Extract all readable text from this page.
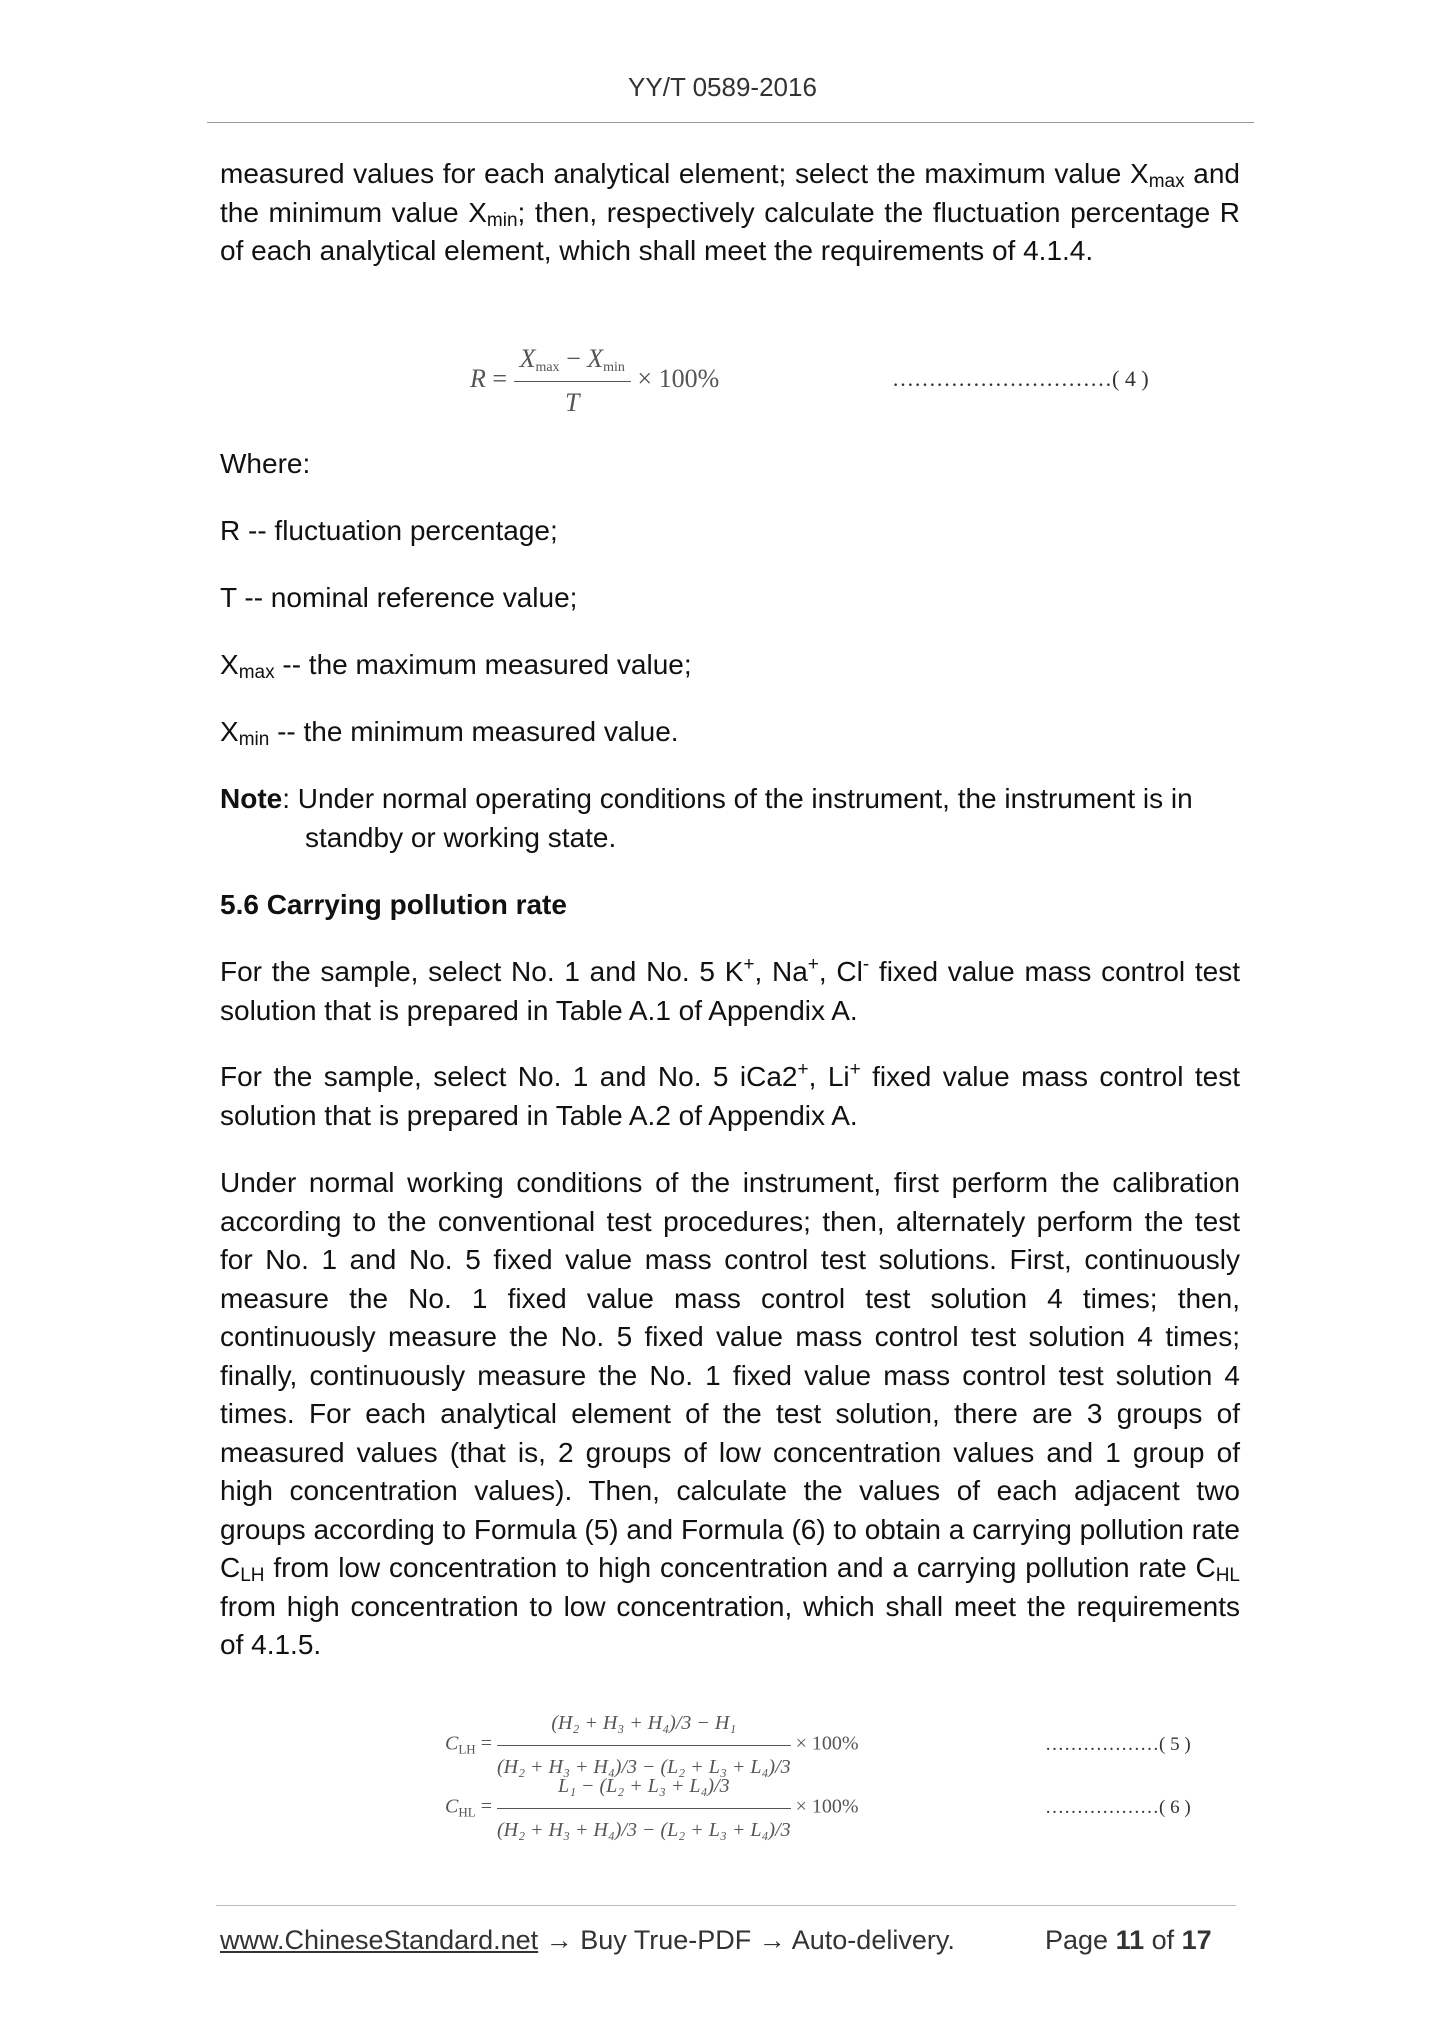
YY/T 0589-2016

measured values for each analytical element; select the maximum value $X_{max}$ and the minimum value $X_{min}$; then, respectively calculate the fluctuation percentage R of each analytical element, which shall meet the requirements of 4.1.4.

$R = \frac{X_{max} - X_{min}}{T} \times 100\%$	…………………………( 4 )

Where:

R -- fluctuation percentage;

T -- nominal reference value;

$X_{max}$ -- the maximum measured value;

$X_{min}$ -- the minimum measured value.

Note: Under normal operating conditions of the instrument, the instrument is in
standby or working state.

5.6 Carrying pollution rate

For the sample, select No. 1 and No. 5 K+, Na+, Cl- fixed value mass control test solution that is prepared in Table A.1 of Appendix A.

For the sample, select No. 1 and No. 5 iCa2+, Li+ fixed value mass control test solution that is prepared in Table A.2 of Appendix A.

Under normal working conditions of the instrument, first perform the calibration according to the conventional test procedures; then, alternately perform the test for No. 1 and No. 5 fixed value mass control test solutions. First, continuously measure the No. 1 fixed value mass control test solution 4 times; then, continuously measure the No. 5 fixed value mass control test solution 4 times; finally, continuously measure the No. 1 fixed value mass control test solution 4 times. For each analytical element of the test solution, there are 3 groups of measured values (that is, 2 groups of low concentration values and 1 group of high concentration values). Then, calculate the values of each adjacent two groups according to Formula (5) and Formula (6) to obtain a carrying pollution rate $C_{LH}$ from low concentration to high concentration and a carrying pollution rate $C_{HL}$ from high concentration to low concentration, which shall meet the requirements of 4.1.5.

$C_{LH} = \frac{\text{(H₂ + H₃ + H₄)/3 − H₁}}{\text{(H₂ + H₃ + H₄)/3 − (L₂ + L₃ + L₄)/3}} \times 100\%$	………………( 5 )
$C_{HL} = \frac{\text{L₁ − (L₂ + L₃ + L₄)/3}}{\text{(H₂ + H₃ + H₄)/3 − (L₂ + L₃ + L₄)/3}} \times 100\%$	………………( 6 )
www.ChineseStandard.net → Buy True-PDF → Auto-delivery.	Page 11 of 17
